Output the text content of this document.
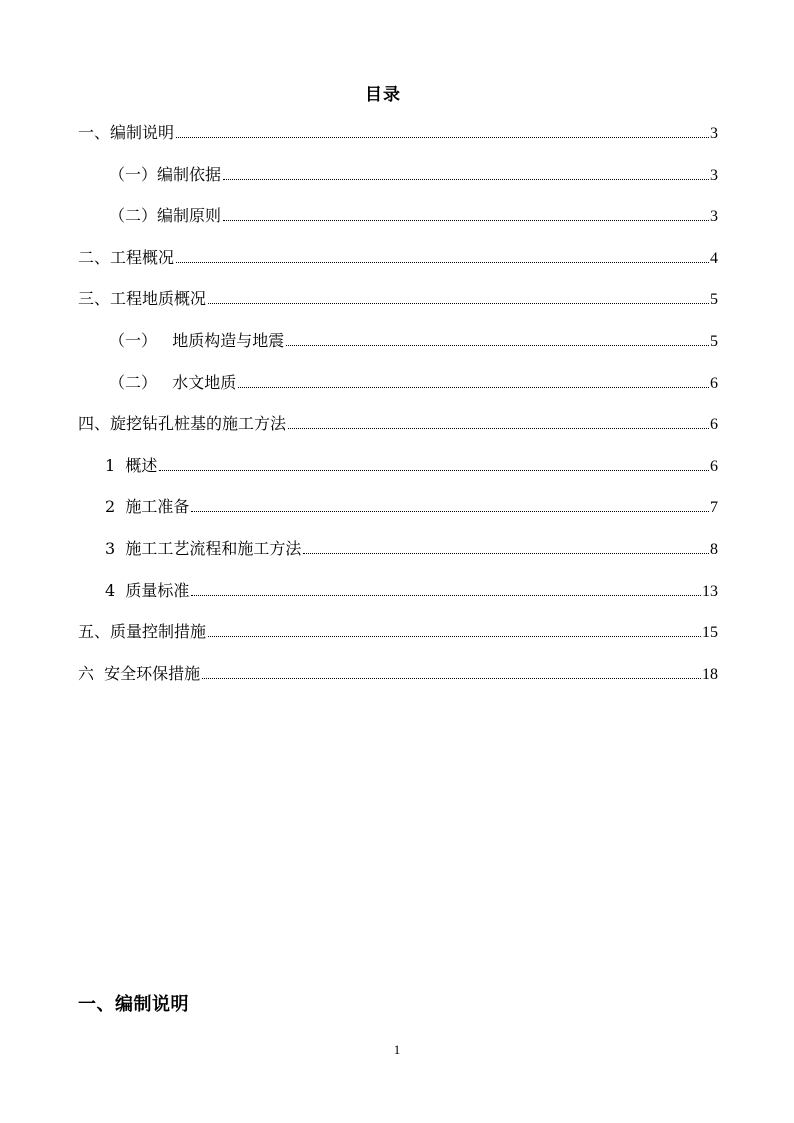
目录
一、编制说明	3
（一）编制依据	3
（二）编制原则	3
二、工程概况	4
三、工程地质概况	5
（一）   地质构造与地震	5
（二）   水文地质	6
四、旋挖钻孔桩基的施工方法	6
1  概述	6
2  施工准备	7
3  施工工艺流程和施工方法	8
4  质量标准	13
五、质量控制措施	15
六  安全环保措施	18
一、编制说明
1
